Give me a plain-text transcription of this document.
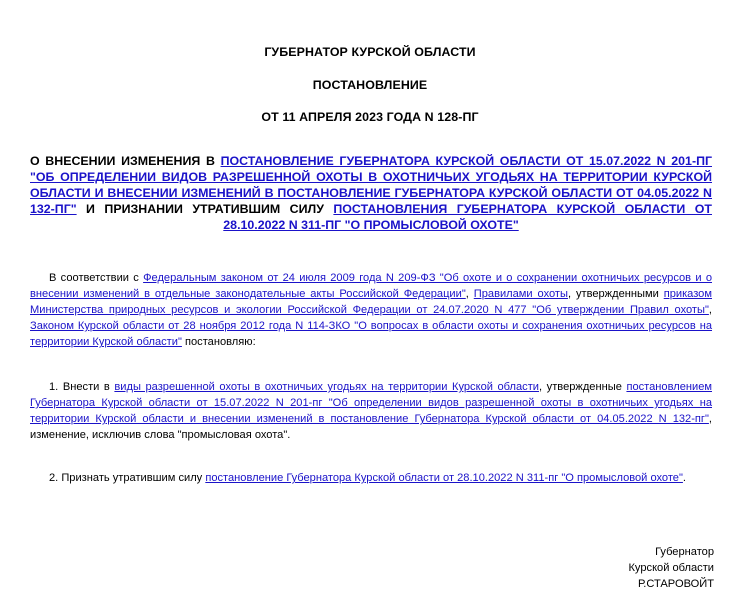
ГУБЕРНАТОР КУРСКОЙ ОБЛАСТИ
ПОСТАНОВЛЕНИЕ
ОТ 11 АПРЕЛЯ 2023 ГОДА N 128-ПГ
О ВНЕСЕНИИ ИЗМЕНЕНИЯ В ПОСТАНОВЛЕНИЕ ГУБЕРНАТОРА КУРСКОЙ ОБЛАСТИ ОТ 15.07.2022 N 201-ПГ "ОБ ОПРЕДЕЛЕНИИ ВИДОВ РАЗРЕШЕННОЙ ОХОТЫ В ОХОТНИЧЬИХ УГОДЬЯХ НА ТЕРРИТОРИИ КУРСКОЙ ОБЛАСТИ И ВНЕСЕНИИ ИЗМЕНЕНИЙ В ПОСТАНОВЛЕНИЕ ГУБЕРНАТОРА КУРСКОЙ ОБЛАСТИ ОТ 04.05.2022 N 132-ПГ" И ПРИЗНАНИИ УТРАТИВШИМ СИЛУ ПОСТАНОВЛЕНИЯ ГУБЕРНАТОРА КУРСКОЙ ОБЛАСТИ ОТ 28.10.2022 N 311-ПГ "О ПРОМЫСЛОВОЙ ОХОТЕ"
В соответствии с Федеральным законом от 24 июля 2009 года N 209-ФЗ "Об охоте и о сохранении охотничьих ресурсов и о внесении изменений в отдельные законодательные акты Российской Федерации", Правилами охоты, утвержденными приказом Министерства природных ресурсов и экологии Российской Федерации от 24.07.2020 N 477 "Об утверждении Правил охоты", Законом Курской области от 28 ноября 2012 года N 114-ЗКО "О вопросах в области охоты и сохранения охотничьих ресурсов на территории Курской области" постановляю:
1. Внести в виды разрешенной охоты в охотничьих угодьях на территории Курской области, утвержденные постановлением Губернатора Курской области от 15.07.2022 N 201-пг "Об определении видов разрешенной охоты в охотничьих угодьях на территории Курской области и внесении изменений в постановление Губернатора Курской области от 04.05.2022 N 132-пг", изменение, исключив слова "промысловая охота".
2. Признать утратившим силу постановление Губернатора Курской области от 28.10.2022 N 311-пг "О промысловой охоте".
Губернатор
Курской области
Р.СТАРОВОЙТ
